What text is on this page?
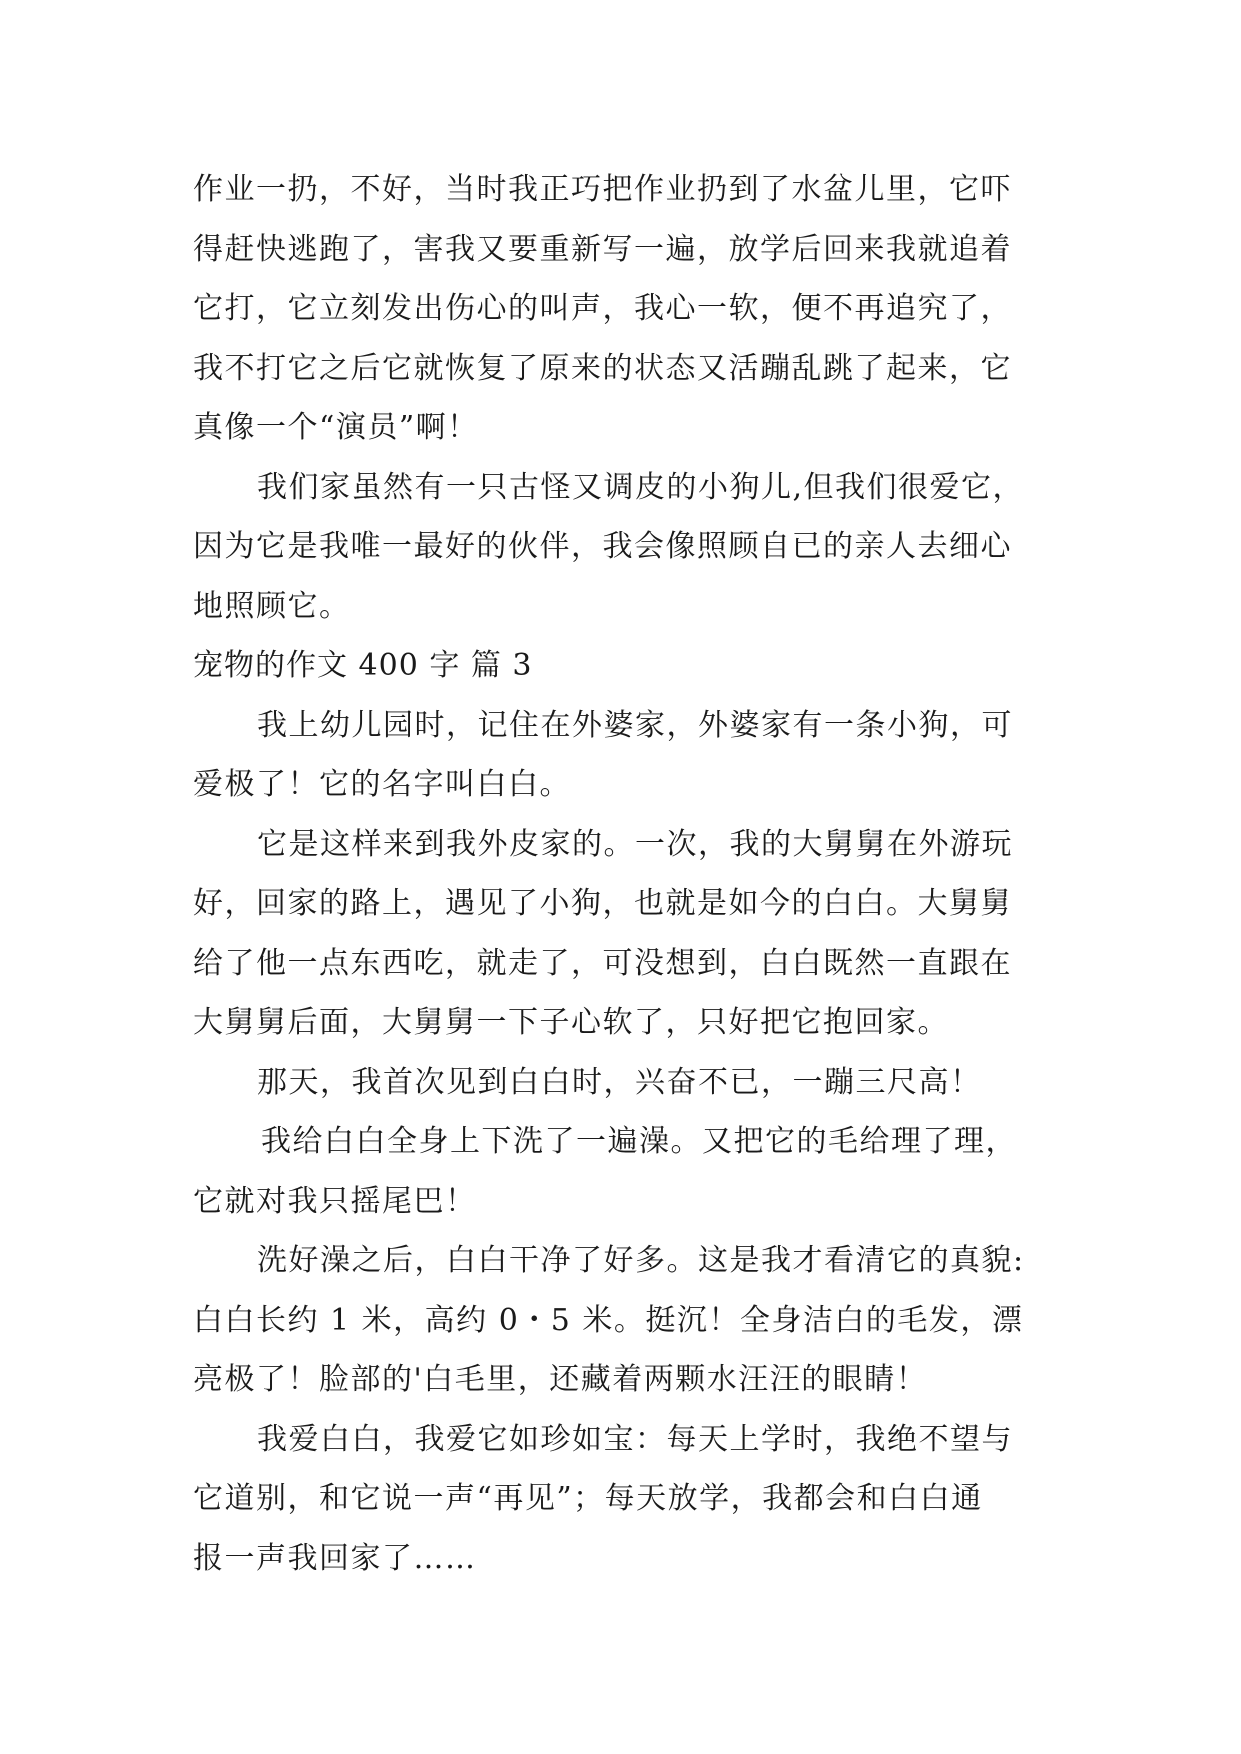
作业一扔，不好，当时我正巧把作业扔到了水盆儿里，它吓
得赶快逃跑了，害我又要重新写一遍，放学后回来我就追着
它打，它立刻发出伤心的叫声，我心一软，便不再追究了，
我不打它之后它就恢复了原来的状态又活蹦乱跳了起来，它
真像一个“演员”啊！
我们家虽然有一只古怪又调皮的小狗儿,但我们很爱它，
因为它是我唯一最好的伙伴，我会像照顾自已的亲人去细心
地照顾它。
宠物的作文 400 字 篇 3
我上幼儿园时，记住在外婆家，外婆家有一条小狗，可
爱极了！它的名字叫白白。
它是这样来到我外皮家的。一次，我的大舅舅在外游玩
好，回家的路上，遇见了小狗，也就是如今的白白。大舅舅
给了他一点东西吃，就走了，可没想到，白白既然一直跟在
大舅舅后面，大舅舅一下子心软了，只好把它抱回家。
那天，我首次见到白白时，兴奋不已，一蹦三尺高！
我给白白全身上下洗了一遍澡。又把它的毛给理了理，
它就对我只摇尾巴！
洗好澡之后，白白干净了好多。这是我才看清它的真貌:
白白长约 1 米，高约 0・5 米。挺沉！全身洁白的毛发，漂
亮极了！脸部的'白毛里，还藏着两颗水汪汪的眼睛！
我爱白白，我爱它如珍如宝：每天上学时，我绝不望与
它道别，和它说一声“再见”；每天放学，我都会和白白通
报一声我回家了……
